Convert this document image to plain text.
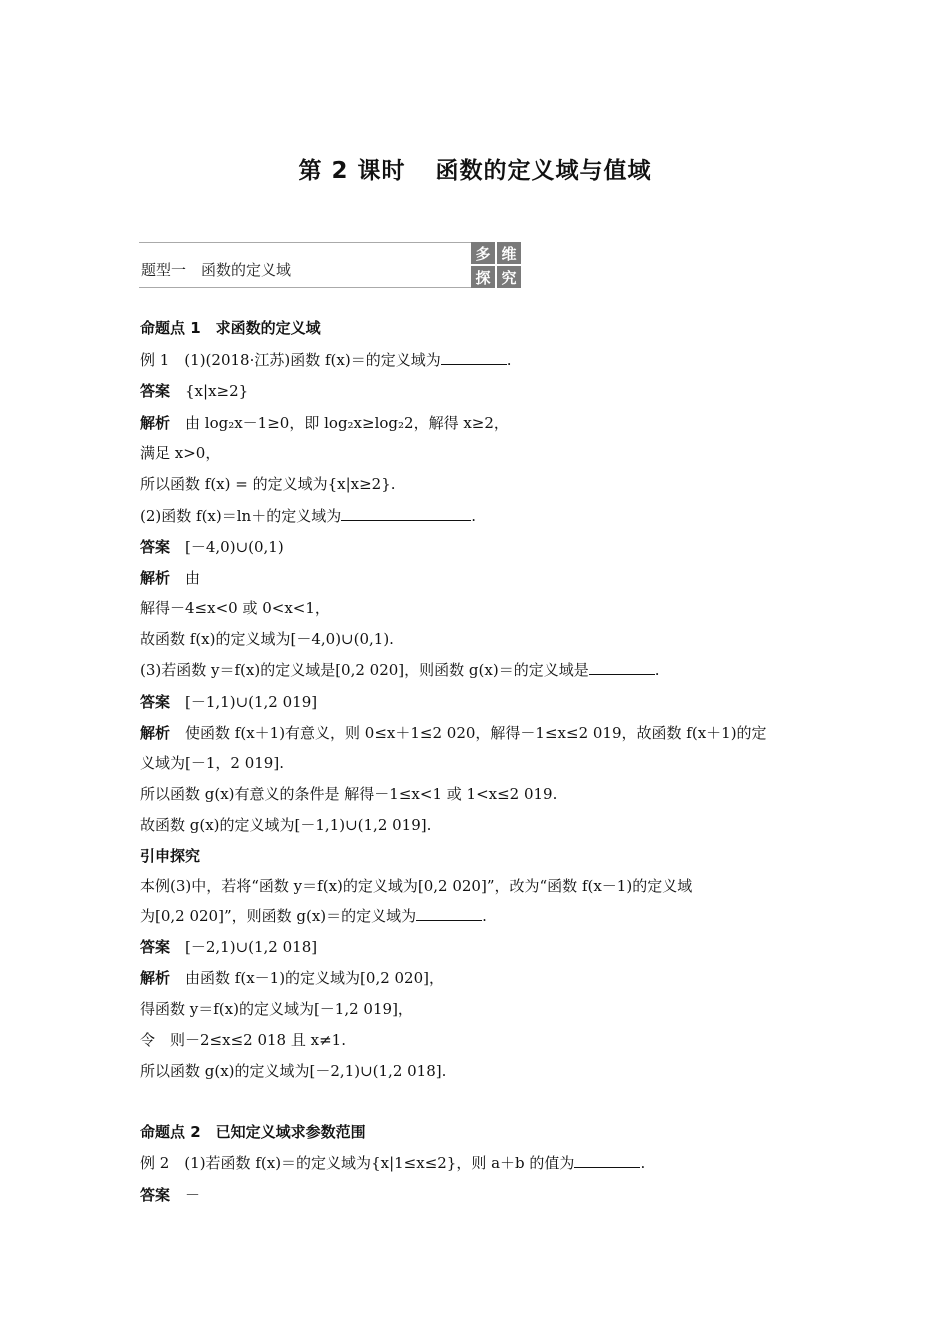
第 2 课时 函数的定义域与值域
题型一　函数的定义域
多 维
探 究
命题点 1　求函数的定义域
例 1　(1)(2018·江苏)函数 f(x)＝的定义域为	.
答案　{x|x≥2}
解析　由 log₂x－1≥0，即 log₂x≥log₂2，解得 x≥2，
满足 x>0，
所以函数 f(x) = 的定义域为{x|x≥2}.
(2)函数 f(x)＝ln＋的定义域为	.
答案　[－4,0)∪(0,1)
解析　由
解得－4≤x<0 或 0<x<1，
故函数 f(x)的定义域为[－4,0)∪(0,1).
(3)若函数 y＝f(x)的定义域是[0,2 020]，则函数 g(x)＝的定义域是	.
答案　[－1,1)∪(1,2 019]
解析　使函数 f(x＋1)有意义，则 0≤x＋1≤2 020，解得－1≤x≤2 019，故函数 f(x＋1)的定
义域为[－1，2 019].
所以函数 g(x)有意义的条件是 解得－1≤x<1 或 1<x≤2 019.
故函数 g(x)的定义域为[－1,1)∪(1,2 019].
引申探究
本例(3)中，若将“函数 y＝f(x)的定义域为[0,2 020]”，改为“函数 f(x－1)的定义域
为[0,2 020]”，则函数 g(x)＝的定义域为	.
答案　[－2,1)∪(1,2 018]
解析　由函数 f(x－1)的定义域为[0,2 020]，
得函数 y＝f(x)的定义域为[－1,2 019]，
令　则－2≤x≤2 018 且 x≠1.
所以函数 g(x)的定义域为[－2,1)∪(1,2 018].
命题点 2　已知定义域求参数范围
例 2　(1)若函数 f(x)＝的定义域为{x|1≤x≤2}，则 a＋b 的值为	.
答案　－
